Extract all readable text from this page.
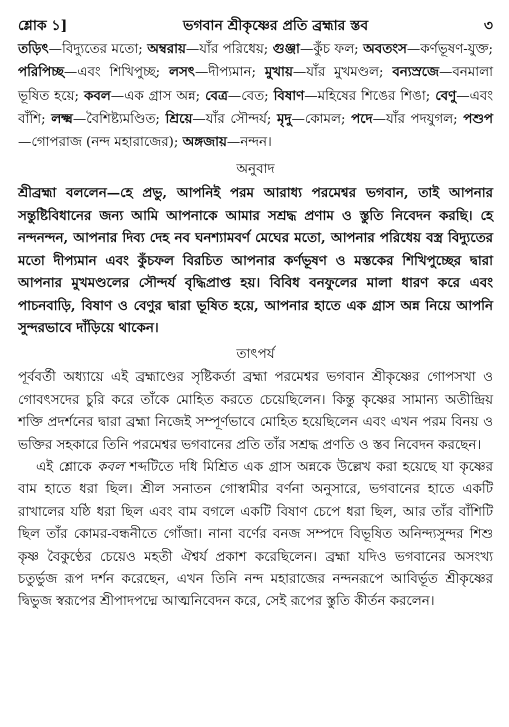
শ্লোক ১]	ভগবান শ্রীকৃষ্ণের প্রতি ব্রহ্মার স্তব	৩

তড়িৎ—বিদ্যুতের মতো; অম্বরায়—যাঁর পরিধেয়; গুঞ্জা—কুঁচ ফল; অবতংস—কর্ণভূষণ-যুক্ত; পরিপিচ্ছ—এবং শিখিপুচ্ছ; লসৎ—দীপ্যমান; মুখায়—যাঁর মুখমণ্ডল; বন্যস্রজে—বনমালা ভূষিত হয়ে; কবল—এক গ্রাস অন্ন; বেত্র—বেত; বিষাণ—মহিষের শিঙের শিঙা; বেণু—এবং বাঁশি; লক্ষ্ম—বৈশিষ্ট্যমণ্ডিত; শ্রিয়ে—যাঁর সৌন্দর্য; মৃদু—কোমল; পদে—যাঁর পদযুগল; পশুপ—গোপরাজ (নন্দ মহারাজের); অঙ্গজায়—নন্দন।

অনুবাদ

শ্রীব্রহ্মা বললেন—হে প্রভু, আপনিই পরম আরাধ্য পরমেশ্বর ভগবান, তাই আপনার সন্তুষ্টিবিধানের জন্য আমি আপনাকে আমার সশ্রদ্ধ প্রণাম ও স্তুতি নিবেদন করছি। হে নন্দনন্দন, আপনার দিব্য দেহ নব ঘনশ্যামবর্ণ মেঘের মতো, আপনার পরিধেয় বস্ত্র বিদ্যুতের মতো দীপ্যমান এবং কুঁচফল বিরচিত আপনার কর্ণভূষণ ও মস্তকের শিখিপুচ্ছের দ্বারা আপনার মুখমণ্ডলের সৌন্দর্য বৃদ্ধিপ্রাপ্ত হয়। বিবিধ বনফুলের মালা ধারণ করে এবং পাচনবাড়ি, বিষাণ ও বেণুর দ্বারা ভূষিত হয়ে, আপনার হাতে এক গ্রাস অন্ন নিয়ে আপনি সুন্দরভাবে দাঁড়িয়ে থাকেন।

তাৎপর্য

পূর্ববর্তী অধ্যায়ে এই ব্রহ্মাণ্ডের সৃষ্টিকর্তা ব্রহ্মা পরমেশ্বর ভগবান শ্রীকৃষ্ণের গোপসখা ও গোবৎসদের চুরি করে তাঁকে মোহিত করতে চেয়েছিলেন। কিন্তু কৃষ্ণের সামান্য অতীন্দ্রিয় শক্তি প্রদর্শনের দ্বারা ব্রহ্মা নিজেই সম্পূর্ণভাবে মোহিত হয়েছিলেন এবং এখন পরম বিনয় ও ভক্তির সহকারে তিনি পরমেশ্বর ভগবানের প্রতি তাঁর সশ্রদ্ধ প্রণতি ও স্তব নিবেদন করছেন।

এই শ্লোকে কবল শব্দটিতে দধি মিশ্রিত এক গ্রাস অন্নকে উল্লেখ করা হয়েছে যা কৃষ্ণের বাম হাতে ধরা ছিল। শ্রীল সনাতন গোস্বামীর বর্ণনা অনুসারে, ভগবানের হাতে একটি রাখালের যষ্ঠি ধরা ছিল এবং বাম বগলে একটি বিষাণ চেপে ধরা ছিল, আর তাঁর বাঁশিটি ছিল তাঁর কোমর-বন্ধনীতে গোঁজা। নানা বর্ণের বনজ সম্পদে বিভূষিত অনিন্দ্যসুন্দর শিশু কৃষ্ণ বৈকুণ্ঠের চেয়েও মহতী ঐশ্বর্য প্রকাশ করেছিলেন। ব্রহ্মা যদিও ভগবানের অসংখ্য চতুর্ভুজ রূপ দর্শন করেছেন, এখন তিনি নন্দ মহারাজের নন্দনরূপে আবির্ভূত শ্রীকৃষ্ণের দ্বিভুজ স্বরূপের শ্রীপাদপদ্মে আত্মনিবেদন করে, সেই রূপের স্তুতি কীর্তন করলেন।
